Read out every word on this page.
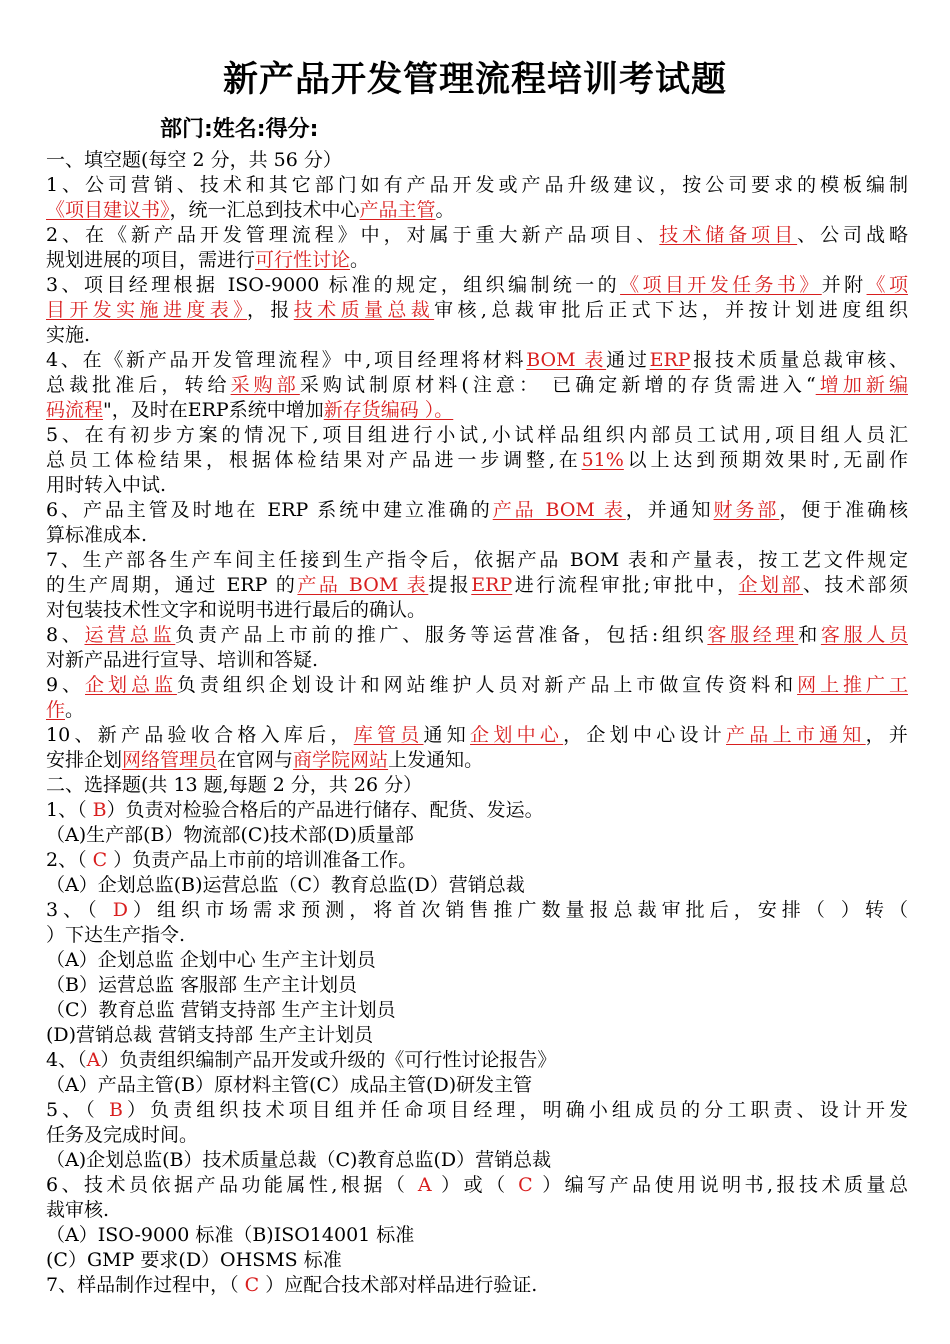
新产品开发管理流程培训考试题
部门:姓名:得分:
一、填空题(每空 2 分，共 56 分）
1、公司营销、技术和其它部门如有产品开发或产品升级建议，按公司要求的模板编制
《项目建议书》，统一汇总到技术中心产品主管。
2、在《新产品开发管理流程》中，对属于重大新产品项目、技术储备项目、公司战略
规划进展的项目，需进行可行性讨论。
3、项目经理根据 ISO-9000 标准的规定，组织编制统一的《项目开发任务书》并附《项
目开发实施进度表》，报技术质量总裁审核,总裁审批后正式下达，并按计划进度组织
实施.
4、在《新产品开发管理流程》中,项目经理将材料BOM 表通过ERP报技术质量总裁审核、
总裁批准后，转给采购部采购试制原材料(注意： 已确定新增的存货需进入“增加新编
码流程"，及时在ERP系统中增加新存货编码 ）。
5、在有初步方案的情况下,项目组进行小试,小试样品组织内部员工试用,项目组人员汇
总员工体检结果，根据体检结果对产品进一步调整,在51%以上达到预期效果时,无副作
用时转入中试.
6、产品主管及时地在 ERP 系统中建立准确的产品 BOM 表，并通知财务部，便于准确核
算标准成本.
7、生产部各生产车间主任接到生产指令后，依据产品 BOM 表和产量表，按工艺文件规定
的生产周期，通过 ERP 的产品 BOM 表提报ERP进行流程审批;审批中，企划部、技术部须
对包装技术性文字和说明书进行最后的确认。
8、运营总监负责产品上市前的推广、服务等运营准备，包括:组织客服经理和客服人员
对新产品进行宣导、培训和答疑.
9、企划总监负责组织企划设计和网站维护人员对新产品上市做宣传资料和网上推广工
作。
10、新产品验收合格入库后，库管员通知企划中心，企划中心设计产品上市通知，并
安排企划网络管理员在官网与商学院网站上发通知。
二、选择题(共 13 题,每题 2 分，共 26 分）
1、（ B）负责对检验合格后的产品进行储存、配货、发运。
（A)生产部(B）物流部(C)技术部(D)质量部
2、（ C ）负责产品上市前的培训准备工作。
（A）企划总监(B)运营总监（C）教育总监(D）营销总裁
3、（ D）组织市场需求预测，将首次销售推广数量报总裁审批后，安排（ ）转（
）下达生产指令.
（A）企划总监 企划中心 生产主计划员
（B）运营总监 客服部 生产主计划员
（C）教育总监 营销支持部 生产主计划员
(D)营销总裁 营销支持部 生产主计划员
4、（A）负责组织编制产品开发或升级的《可行性讨论报告》
（A）产品主管(B）原材料主管(C）成品主管(D)研发主管
5、（ B）负责组织技术项目组并任命项目经理，明确小组成员的分工职责、设计开发
任务及完成时间。
（A)企划总监(B）技术质量总裁（C)教育总监(D）营销总裁
6、技术员依据产品功能属性,根据（ A ）或（ C ）编写产品使用说明书,报技术质量总
裁审核.
（A）ISO-9000 标准（B)ISO14001 标准
(C）GMP 要求(D）OHSMS 标准
7、样品制作过程中，（ C ）应配合技术部对样品进行验证.
